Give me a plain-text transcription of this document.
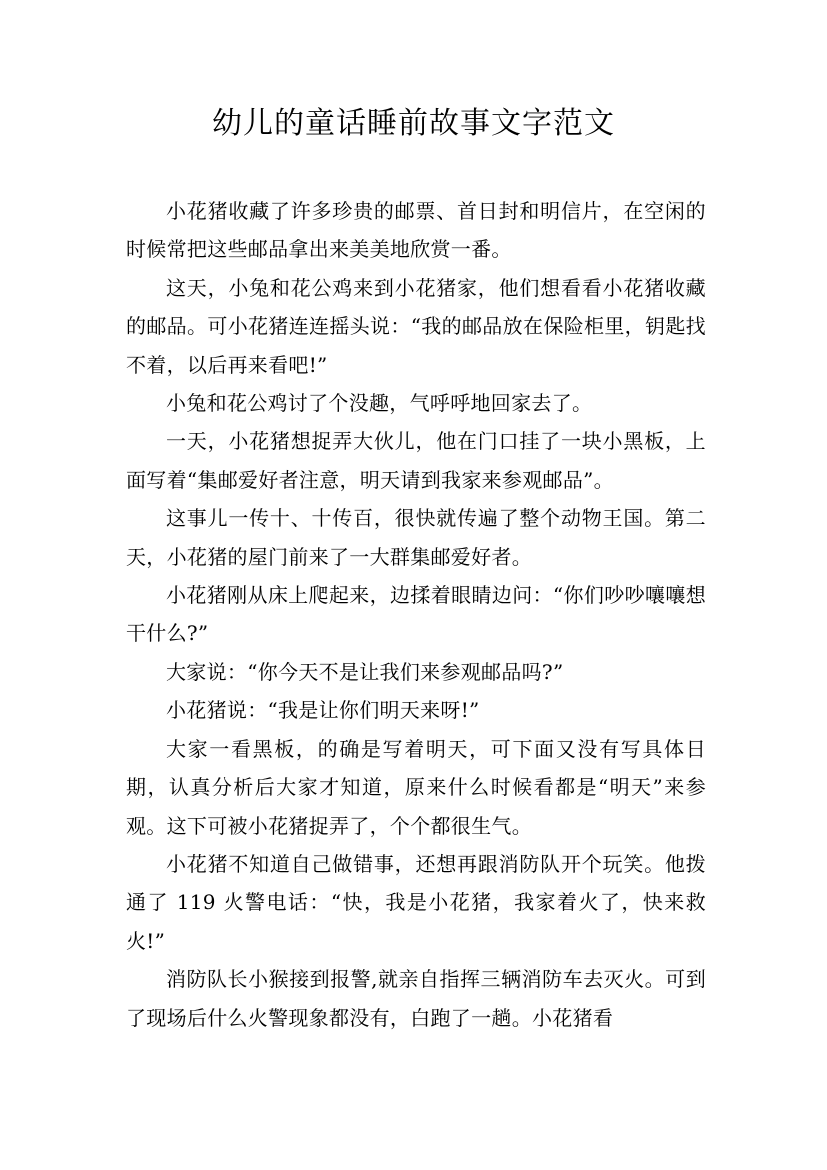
幼儿的童话睡前故事文字范文

小花猪收藏了许多珍贵的邮票、首日封和明信片，在空闲的时候常把这些邮品拿出来美美地欣赏一番。

这天，小兔和花公鸡来到小花猪家，他们想看看小花猪收藏的邮品。可小花猪连连摇头说：“我的邮品放在保险柜里，钥匙找不着，以后再来看吧!”

小兔和花公鸡讨了个没趣，气呼呼地回家去了。

一天，小花猪想捉弄大伙儿，他在门口挂了一块小黑板，上面写着“集邮爱好者注意，明天请到我家来参观邮品”。

这事儿一传十、十传百，很快就传遍了整个动物王国。第二天，小花猪的屋门前来了一大群集邮爱好者。

小花猪刚从床上爬起来，边揉着眼睛边问：“你们吵吵嚷嚷想干什么?”

大家说：“你今天不是让我们来参观邮品吗?”

小花猪说：“我是让你们明天来呀!”

大家一看黑板，的确是写着明天，可下面又没有写具体日期，认真分析后大家才知道，原来什么时候看都是“明天”来参观。这下可被小花猪捉弄了，个个都很生气。

小花猪不知道自己做错事，还想再跟消防队开个玩笑。他拨通了 119 火警电话：“快，我是小花猪，我家着火了，快来救火!”

消防队长小猴接到报警,就亲自指挥三辆消防车去灭火。可到了现场后什么火警现象都没有，白跑了一趟。小花猪看
